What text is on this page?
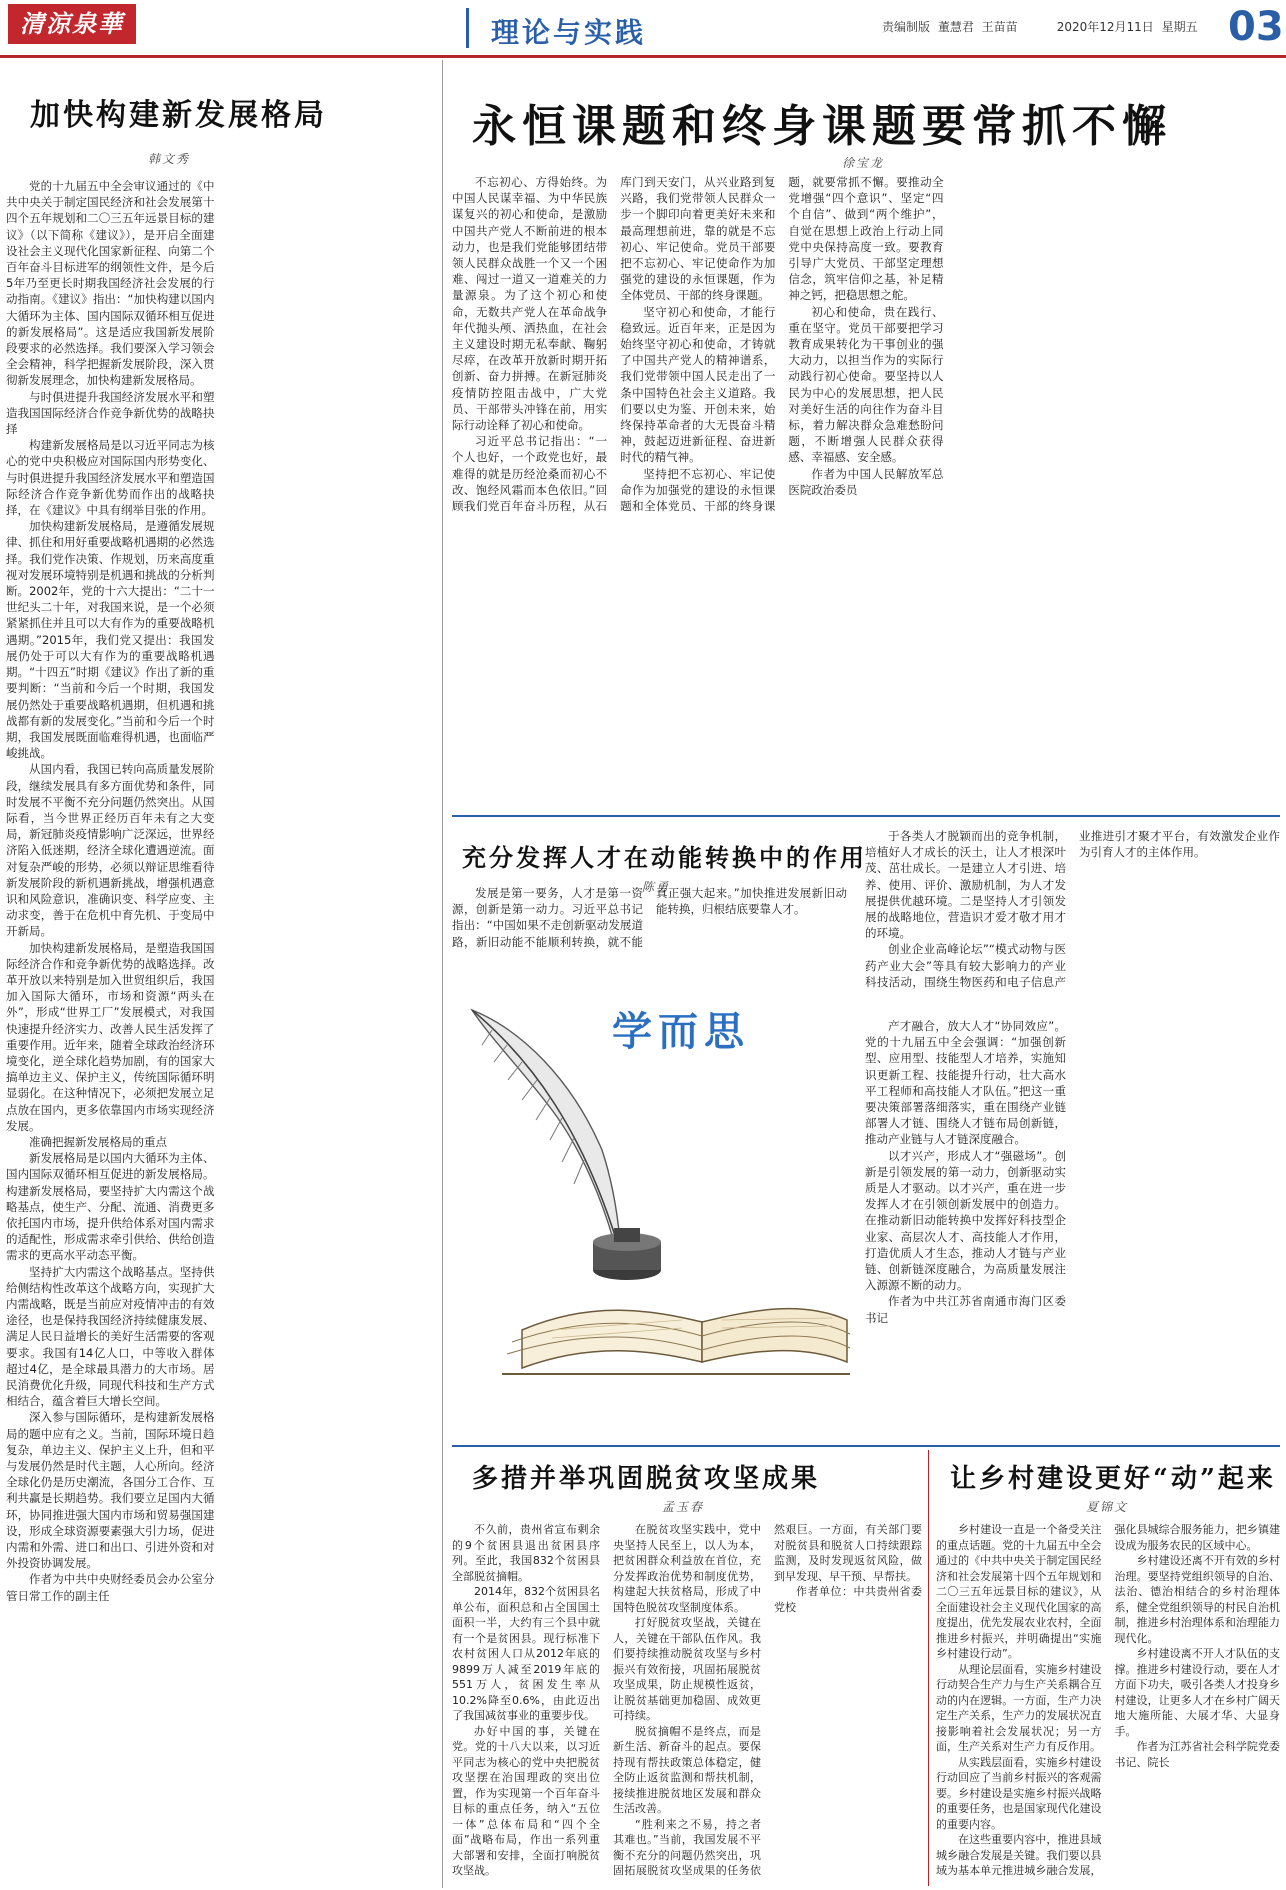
清涼泉華	理论与实践	责编制版 董慧君 王苗苗	2020年12月11日 星期五 03
加快构建新发展格局
韩文秀

党的十九届五中全会审议通过的《中共中央关于制定国民经济和社会发展第十四个五年规划和二〇三五年远景目标的建议》（以下简称《建议》），是开启全面建设社会主义现代化国家新征程、向第二个百年奋斗目标进军的纲领性文件，是今后5年乃至更长时期我国经济社会发展的行动指南。《建议》指出：“加快构建以国内大循环为主体、国内国际双循环相互促进的新发展格局”。这是适应我国新发展阶段要求的必然选择。我们要深入学习领会全会精神，科学把握新发展阶段，深入贯彻新发展理念，加快构建新发展格局。

与时俱进提升我国经济发展水平和塑造我国国际经济合作竞争新优势的战略抉择

构建新发展格局是以习近平同志为核心的党中央积极应对国际国内形势变化、与时俱进提升我国经济发展水平和塑造国际经济合作竞争新优势而作出的战略抉择，在《建议》中具有纲举目张的作用。

加快构建新发展格局，是遵循发展规律、抓住和用好重要战略机遇期的必然选择。我们党作决策、作规划，历来高度重视对发展环境特别是机遇和挑战的分析判断。2002年，党的十六大提出：“二十一世纪头二十年，对我国来说，是一个必须紧紧抓住并且可以大有作为的重要战略机遇期。”2015年，我们党又提出：我国发展仍处于可以大有作为的重要战略机遇期。“十四五”时期《建议》作出了新的重要判断：“当前和今后一个时期，我国发展仍然处于重要战略机遇期，但机遇和挑战都有新的发展变化。”当前和今后一个时期，我国发展既面临难得机遇，也面临严峻挑战。

从国内看，我国已转向高质量发展阶段，继续发展具有多方面优势和条件，同时发展不平衡不充分问题仍然突出。从国际看，当今世界正经历百年未有之大变局，新冠肺炎疫情影响广泛深远，世界经济陷入低迷期，经济全球化遭遇逆流。面对复杂严峻的形势，必须以辩证思维看待新发展阶段的新机遇新挑战，增强机遇意识和风险意识，准确识变、科学应变、主动求变，善于在危机中育先机、于变局中开新局。

加快构建新发展格局，是塑造我国国际经济合作和竞争新优势的战略选择。改革开放以来特别是加入世贸组织后，我国加入国际大循环，市场和资源“两头在外”，形成“世界工厂”发展模式，对我国快速提升经济实力、改善人民生活发挥了重要作用。近年来，随着全球政治经济环境变化，逆全球化趋势加剧，有的国家大搞单边主义、保护主义，传统国际循环明显弱化。在这种情况下，必须把发展立足点放在国内，更多依靠国内市场实现经济发展。

准确把握新发展格局的重点

新发展格局是以国内大循环为主体、国内国际双循环相互促进的新发展格局。构建新发展格局，要坚持扩大内需这个战略基点，使生产、分配、流通、消费更多依托国内市场，提升供给体系对国内需求的适配性，形成需求牵引供给、供给创造需求的更高水平动态平衡。

坚持扩大内需这个战略基点。坚持供给侧结构性改革这个战略方向，实现扩大内需战略，既是当前应对疫情冲击的有效途径，也是保持我国经济持续健康发展、满足人民日益增长的美好生活需要的客观要求。我国有14亿人口，中等收入群体超过4亿，是全球最具潜力的大市场。居民消费优化升级，同现代科技和生产方式相结合，蕴含着巨大增长空间。

深入参与国际循环，是构建新发展格局的题中应有之义。当前，国际环境日趋复杂，单边主义、保护主义上升，但和平与发展仍然是时代主题，人心所向。经济全球化仍是历史潮流，各国分工合作、互利共赢是长期趋势。我们要立足国内大循环，协同推进强大国内市场和贸易强国建设，形成全球资源要素强大引力场，促进内需和外需、进口和出口、引进外资和对外投资协调发展。

作者为中共中央财经委员会办公室分管日常工作的副主任

永恒课题和终身课题要常抓不懈
徐宝龙

不忘初心、方得始终。为中国人民谋幸福、为中华民族谋复兴的初心和使命，是激励中国共产党人不断前进的根本动力，也是我们党能够团结带领人民群众战胜一个又一个困难、闯过一道又一道难关的力量源泉。为了这个初心和使命，无数共产党人在革命战争年代抛头颅、洒热血，在社会主义建设时期无私奉献、鞠躬尽瘁，在改革开放新时期开拓创新、奋力拼搏。在新冠肺炎疫情防控阻击战中，广大党员、干部带头冲锋在前，用实际行动诠释了初心和使命。

习近平总书记指出：“一个人也好，一个政党也好，最难得的就是历经沧桑而初心不改、饱经风霜而本色依旧。”回顾我们党百年奋斗历程，从石库门到天安门，从兴业路到复兴路，我们党带领人民群众一步一个脚印向着更美好未来和最高理想前进，靠的就是不忘初心、牢记使命。党员干部要把不忘初心、牢记使命作为加强党的建设的永恒课题，作为全体党员、干部的终身课题。

坚守初心和使命，才能行稳致远。近百年来，正是因为始终坚守初心和使命，才铸就了中国共产党人的精神谱系，我们党带领中国人民走出了一条中国特色社会主义道路。我们要以史为鉴、开创未来，始终保持革命者的大无畏奋斗精神，鼓起迈进新征程、奋进新时代的精气神。

坚持把不忘初心、牢记使命作为加强党的建设的永恒课题和全体党员、干部的终身课题，就要常抓不懈。要推动全党增强“四个意识”、坚定“四个自信”、做到“两个维护”，自觉在思想上政治上行动上同党中央保持高度一致。要教育引导广大党员、干部坚定理想信念，筑牢信仰之基，补足精神之钙，把稳思想之舵。

初心和使命，贵在践行、重在坚守。党员干部要把学习教育成果转化为干事创业的强大动力，以担当作为的实际行动践行初心使命。要坚持以人民为中心的发展思想，把人民对美好生活的向往作为奋斗目标，着力解决群众急难愁盼问题，不断增强人民群众获得感、幸福感、安全感。

作者为中国人民解放军总医院政治委员

充分发挥人才在动能转换中的作用
陈勇

发展是第一要务，人才是第一资源，创新是第一动力。习近平总书记指出：“中国如果不走创新驱动发展道路，新旧动能不能顺利转换，就不能真正强大起来。”加快推进发展新旧动能转换，归根结底要靠人才。

于各类人才脱颖而出的竞争机制，培植好人才成长的沃土，让人才根深叶茂、茁壮成长。一是建立人才引进、培养、使用、评价、激励机制，为人才发展提供优越环境。二是坚持人才引领发展的战略地位，营造识才爱才敬才用才的环境。

创业企业高峰论坛”“模式动物与医药产业大会”等具有较大影响力的产业科技活动，围绕生物医药和电子信息产业推进引才聚才平台，有效激发企业作为引育人才的主体作用。

产才融合，放大人才“协同效应”。党的十九届五中全会强调：“加强创新型、应用型、技能型人才培养，实施知识更新工程、技能提升行动，壮大高水平工程师和高技能人才队伍。”把这一重要决策部署落细落实，重在围绕产业链部署人才链、围绕人才链布局创新链，推动产业链与人才链深度融合。

以才兴产，形成人才“强磁场”。创新是引领发展的第一动力，创新驱动实质是人才驱动。以才兴产，重在进一步发挥人才在引领创新发展中的创造力。在推动新旧动能转换中发挥好科技型企业家、高层次人才、高技能人才作用，打造优质人才生态，推动人才链与产业链、创新链深度融合，为高质量发展注入源源不断的动力。

作者为中共江苏省南通市海门区委书记

学而思
多措并举巩固脱贫攻坚成果
孟玉春

不久前，贵州省宣布剩余的9个贫困县退出贫困县序列。至此，我国832个贫困县全部脱贫摘帽。

2014年，832个贫困县名单公布，面积总和占全国国土面积一半，大约有三个县中就有一个是贫困县。现行标准下农村贫困人口从2012年底的9899万人减至2019年底的551万人，贫困发生率从10.2%降至0.6%，由此迈出了我国减贫事业的重要步伐。

办好中国的事，关键在党。党的十八大以来，以习近平同志为核心的党中央把脱贫攻坚摆在治国理政的突出位置，作为实现第一个百年奋斗目标的重点任务，纳入“五位一体”总体布局和“四个全面”战略布局，作出一系列重大部署和安排，全面打响脱贫攻坚战。

在脱贫攻坚实践中，党中央坚持人民至上，以人为本，把贫困群众利益放在首位，充分发挥政治优势和制度优势，构建起大扶贫格局，形成了中国特色脱贫攻坚制度体系。

打好脱贫攻坚战，关键在人，关键在干部队伍作风。我们要持续推动脱贫攻坚与乡村振兴有效衔接，巩固拓展脱贫攻坚成果，防止规模性返贫，让脱贫基础更加稳固、成效更可持续。

脱贫摘帽不是终点，而是新生活、新奋斗的起点。要保持现有帮扶政策总体稳定，健全防止返贫监测和帮扶机制，接续推进脱贫地区发展和群众生活改善。

“胜利来之不易，持之者其难也。”当前，我国发展不平衡不充分的问题仍然突出，巩固拓展脱贫攻坚成果的任务依然艰巨。一方面，有关部门要对脱贫县和脱贫人口持续跟踪监测，及时发现返贫风险，做到早发现、早干预、早帮扶。

作者单位：中共贵州省委党校

让乡村建设更好“动”起来
夏锦文

乡村建设一直是一个备受关注的重点话题。党的十九届五中全会通过的《中共中央关于制定国民经济和社会发展第十四个五年规划和二〇三五年远景目标的建议》，从全面建设社会主义现代化国家的高度提出，优先发展农业农村，全面推进乡村振兴，并明确提出“实施乡村建设行动”。

从理论层面看，实施乡村建设行动契合生产力与生产关系耦合互动的内在逻辑。一方面，生产力决定生产关系，生产力的发展状况直接影响着社会发展状况；另一方面，生产关系对生产力有反作用。

从实践层面看，实施乡村建设行动回应了当前乡村振兴的客观需要。乡村建设是实施乡村振兴战略的重要任务，也是国家现代化建设的重要内容。

在这些重要内容中，推进县域城乡融合发展是关键。我们要以县域为基本单元推进城乡融合发展，强化县城综合服务能力，把乡镇建设成为服务农民的区域中心。

乡村建设还离不开有效的乡村治理。要坚持党组织领导的自治、法治、德治相结合的乡村治理体系，健全党组织领导的村民自治机制，推进乡村治理体系和治理能力现代化。

乡村建设离不开人才队伍的支撑。推进乡村建设行动，要在人才方面下功夫，吸引各类人才投身乡村建设，让更多人才在乡村广阔天地大施所能、大展才华、大显身手。

作者为江苏省社会科学院党委书记、院长
